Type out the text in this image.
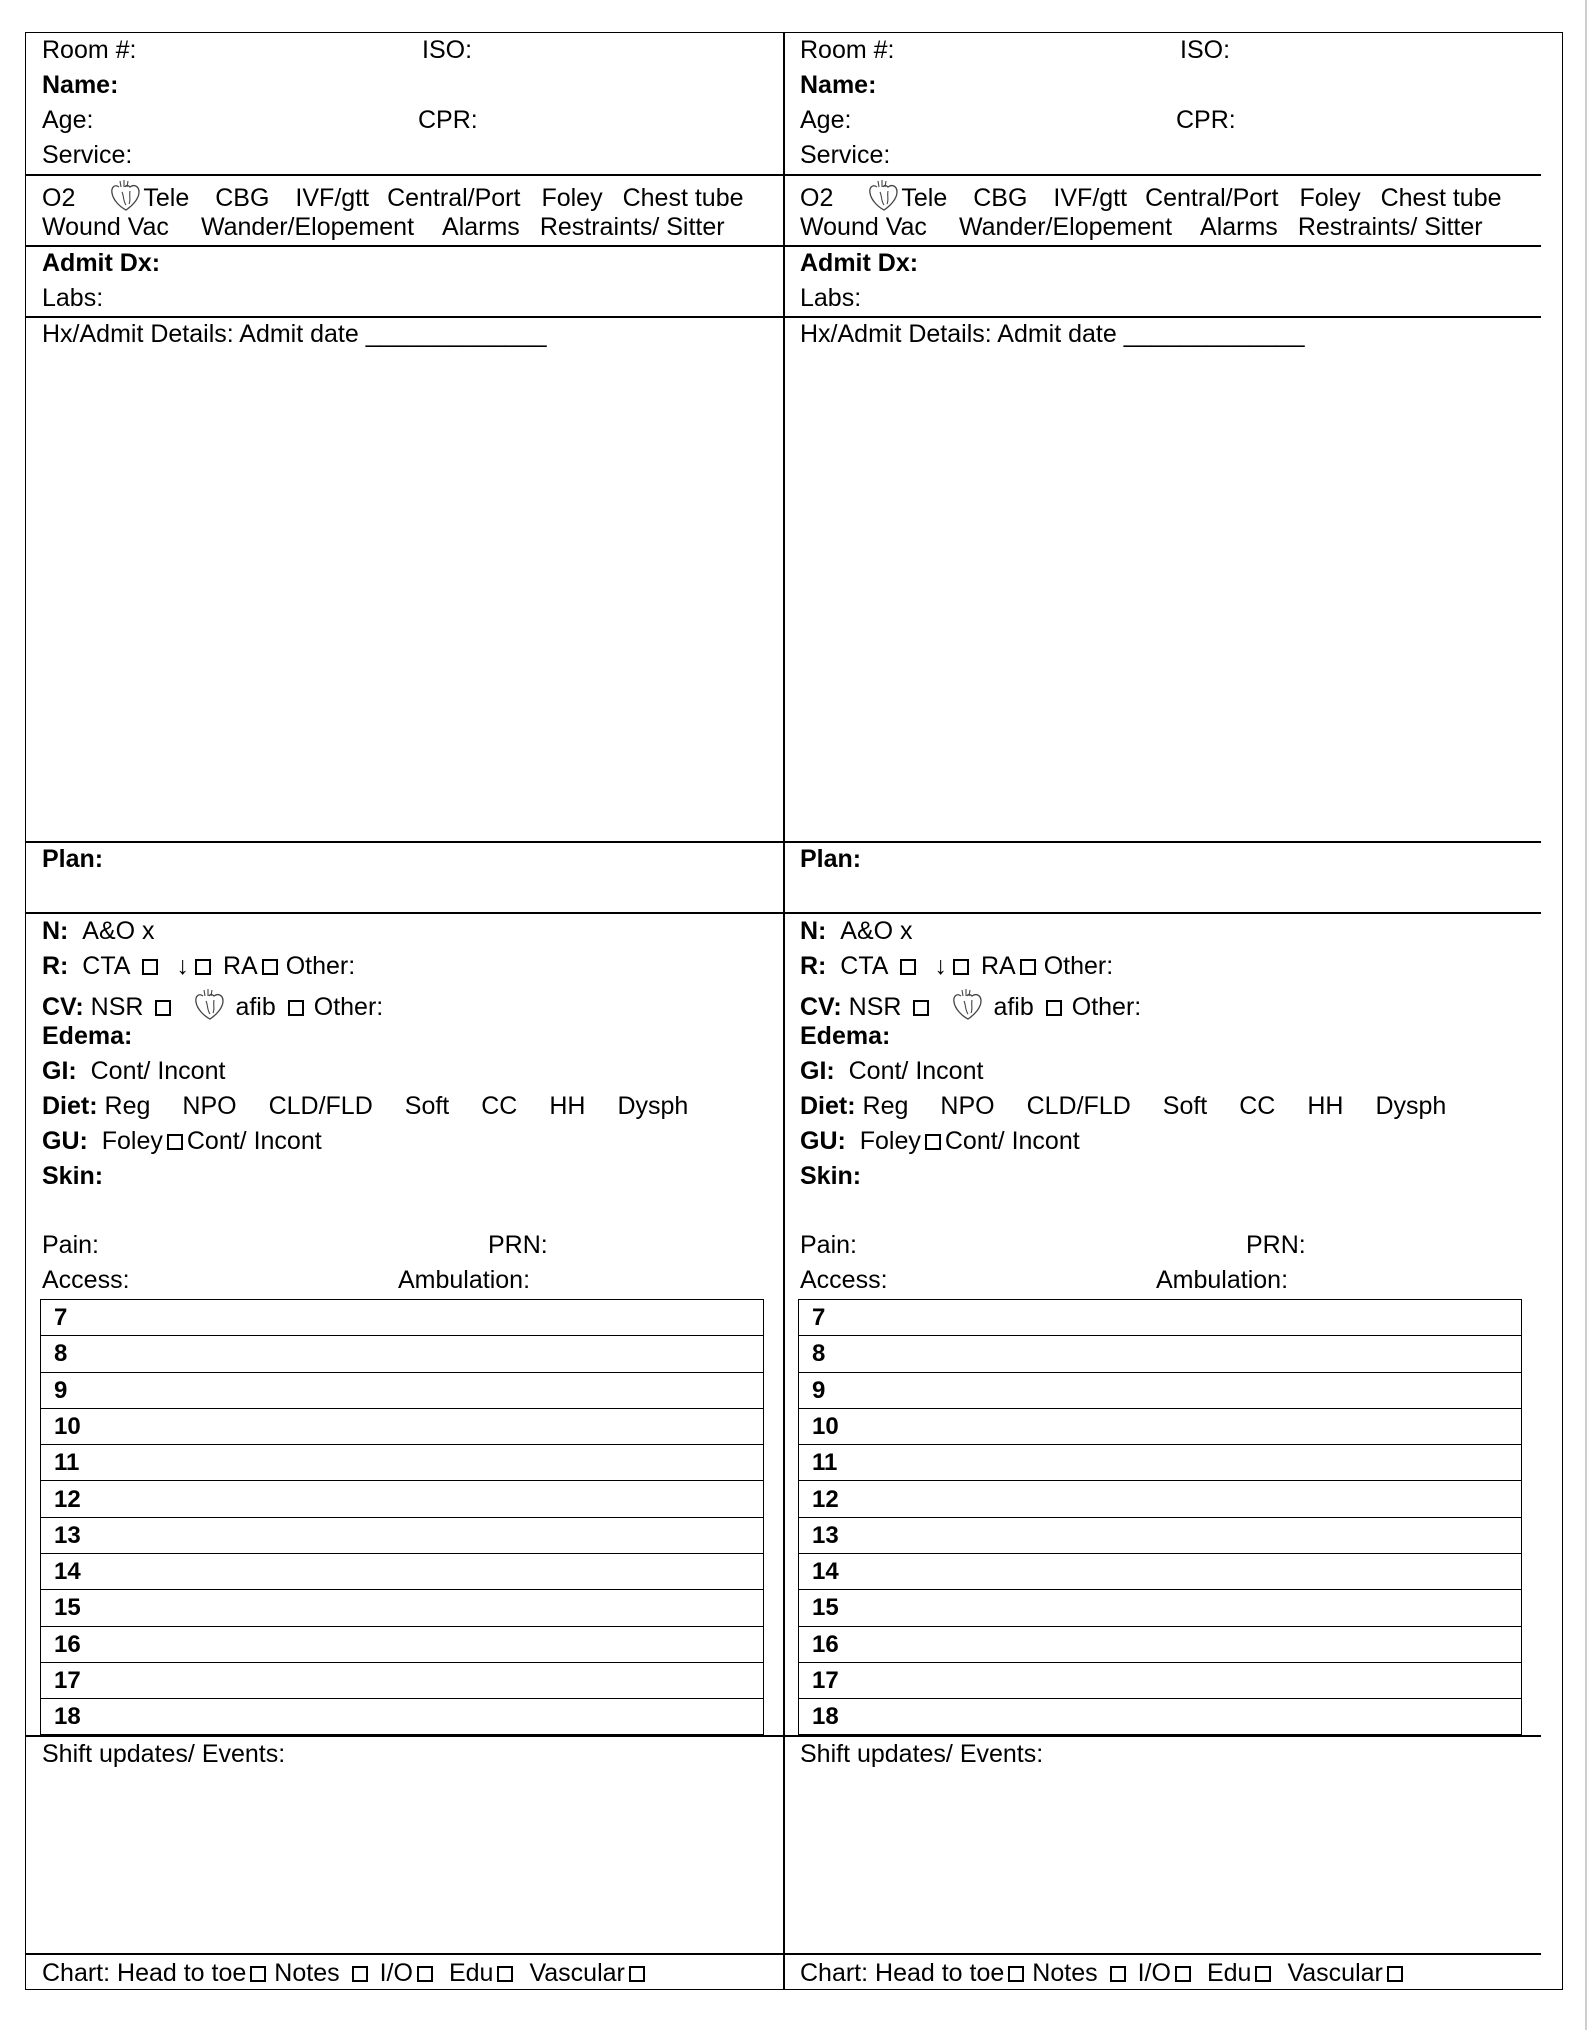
Room #:	ISO:
Name:
Age:	CPR:
Service:
O2	Tele CBG IVF/gtt Central/Port Foley Chest tube
Wound Vac Wander/Elopement Alarms Restraints/ Sitter
Admit Dx:
Labs:
Hx/Admit Details: Admit date _____________
Plan:
N: A&O x
R: CTA ↓ RA Other:
CV: NSR	afib Other:
Edema:
GI: Cont/ Incont
Diet: Reg NPO CLD/FLD Soft CC HH Dysph
GU: Foley Cont/ Incont
Skin:
Pain:	PRN:
Access:	Ambulation:
7
8
9
10
11
12
13
14
15
16
17
18
Shift updates/ Events:
Chart: Head to toe Notes I/O Edu Vascular
Room #:	ISO:
Name:
Age:	CPR:
Service:
O2	Tele CBG IVF/gtt Central/Port Foley Chest tube
Wound Vac Wander/Elopement Alarms Restraints/ Sitter
Admit Dx:
Labs:
Hx/Admit Details: Admit date _____________
Plan:
N: A&O x
R: CTA ↓ RA Other:
CV: NSR	afib Other:
Edema:
GI: Cont/ Incont
Diet: Reg NPO CLD/FLD Soft CC HH Dysph
GU: Foley Cont/ Incont
Skin:
Pain:	PRN:
Access:	Ambulation:
7
8
9
10
11
12
13
14
15
16
17
18
Shift updates/ Events:
Chart: Head to toe Notes I/O Edu Vascular
